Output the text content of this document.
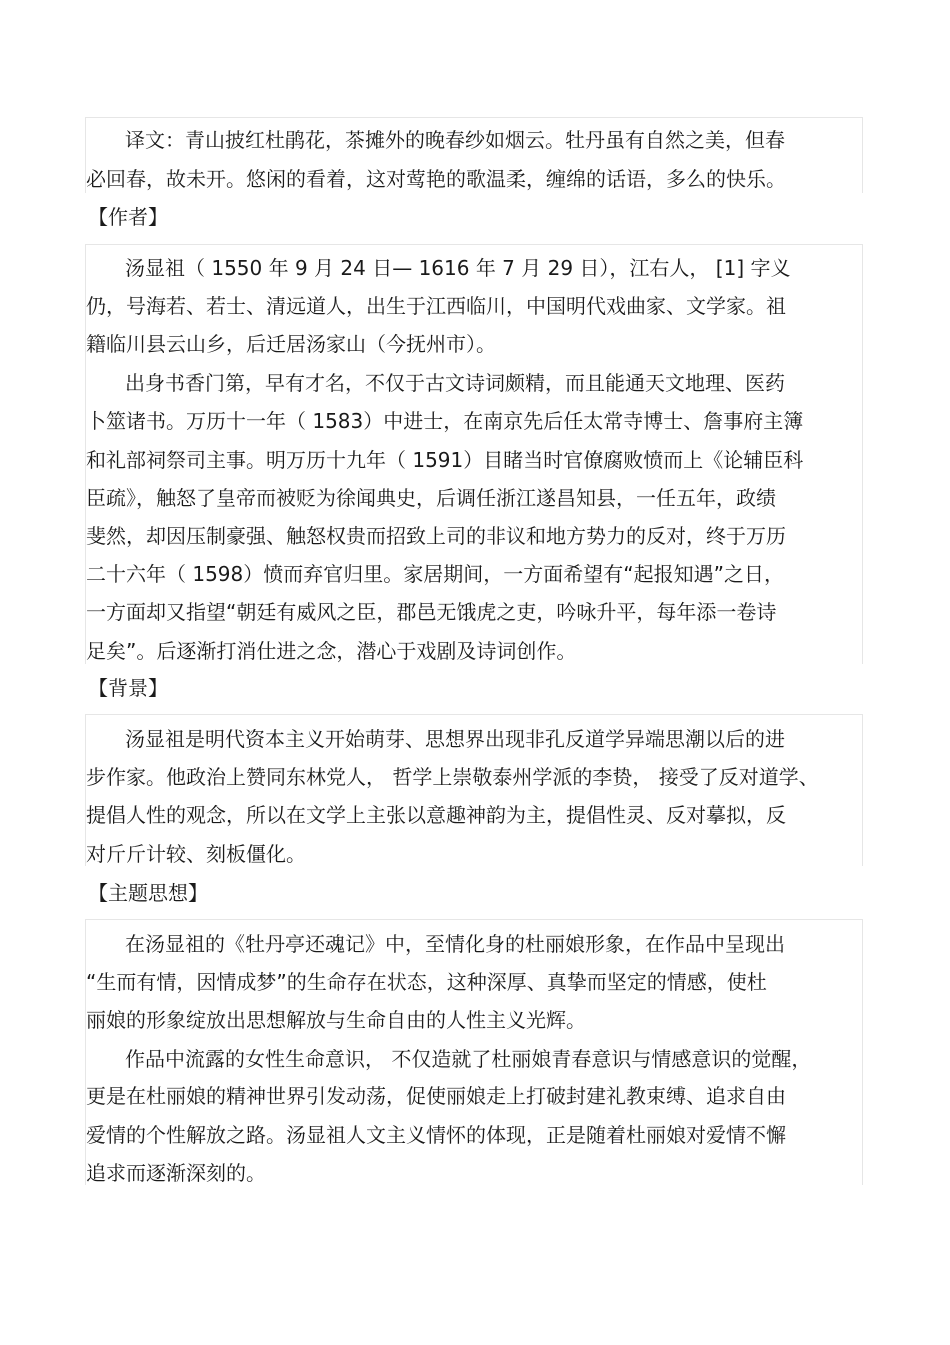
译文：青山披红杜鹃花，茶摊外的晚春纱如烟云。牡丹虽有自然之美，但春
必回春，故未开。悠闲的看着，这对莺艳的歌温柔，缠绵的话语，多么的快乐。
【作者】
汤显祖（ 1550 年 9 月 24 日— 1616 年 7 月 29 日），江右人， [1] 字义
仍，号海若、若士、清远道人，出生于江西临川，中国明代戏曲家、文学家。祖
籍临川县云山乡，后迁居汤家山（今抚州市）。
出身书香门第，早有才名，不仅于古文诗词颇精，而且能通天文地理、医药
卜筮诸书。万历十一年（ 1583）中进士，在南京先后任太常寺博士、詹事府主簿
和礼部祠祭司主事。明万历十九年（ 1591）目睹当时官僚腐败愤而上《论辅臣科
臣疏》，触怒了皇帝而被贬为徐闻典史，后调任浙江遂昌知县，一任五年，政绩
斐然，却因压制豪强、触怒权贵而招致上司的非议和地方势力的反对，终于万历
二十六年（ 1598）愤而弃官归里。家居期间，一方面希望有“起报知遇”之日，
一方面却又指望“朝廷有威风之臣，郡邑无饿虎之吏，吟咏升平，每年添一卷诗
足矣”。后逐渐打消仕进之念，潜心于戏剧及诗词创作。
【背景】
汤显祖是明代资本主义开始萌芽、思想界出现非孔反道学异端思潮以后的进
步作家。他政治上赞同东林党人， 哲学上崇敬泰州学派的李贽， 接受了反对道学、
提倡人性的观念，所以在文学上主张以意趣神韵为主，提倡性灵、反对摹拟，反
对斤斤计较、刻板僵化。
【主题思想】
在汤显祖的《牡丹亭还魂记》中，至情化身的杜丽娘形象，在作品中呈现出
“生而有情，因情成梦”的生命存在状态，这种深厚、真挚而坚定的情感，使杜
丽娘的形象绽放出思想解放与生命自由的人性主义光辉。
作品中流露的女性生命意识， 不仅造就了杜丽娘青春意识与情感意识的觉醒，
更是在杜丽娘的精神世界引发动荡，促使丽娘走上打破封建礼教束缚、追求自由
爱情的个性解放之路。汤显祖人文主义情怀的体现，正是随着杜丽娘对爱情不懈
追求而逐渐深刻的。
